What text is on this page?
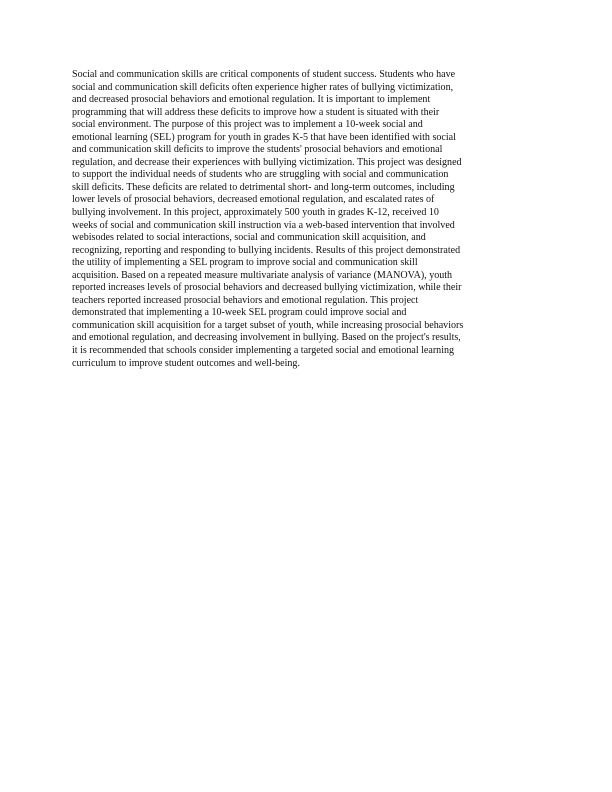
Social and communication skills are critical components of student success. Students who have
social and communication skill deficits often experience higher rates of bullying victimization,
and decreased prosocial behaviors and emotional regulation. It is important to implement
programming that will address these deficits to improve how a student is situated with their
social environment. The purpose of this project was to implement a 10-week social and
emotional learning (SEL) program for youth in grades K-5 that have been identified with social
and communication skill deficits to improve the students' prosocial behaviors and emotional
regulation, and decrease their experiences with bullying victimization. This project was designed
to support the individual needs of students who are struggling with social and communication
skill deficits. These deficits are related to detrimental short- and long-term outcomes, including
lower levels of prosocial behaviors, decreased emotional regulation, and escalated rates of
bullying involvement. In this project, approximately 500 youth in grades K-12, received 10
weeks of social and communication skill instruction via a web-based intervention that involved
webisodes related to social interactions, social and communication skill acquisition, and
recognizing, reporting and responding to bullying incidents. Results of this project demonstrated
the utility of implementing a SEL program to improve social and communication skill
acquisition. Based on a repeated measure multivariate analysis of variance (MANOVA), youth
reported increases levels of prosocial behaviors and decreased bullying victimization, while their
teachers reported increased prosocial behaviors and emotional regulation. This project
demonstrated that implementing a 10-week SEL program could improve social and
communication skill acquisition for a target subset of youth, while increasing prosocial behaviors
and emotional regulation, and decreasing involvement in bullying. Based on the project's results,
it is recommended that schools consider implementing a targeted social and emotional learning
curriculum to improve student outcomes and well-being.
